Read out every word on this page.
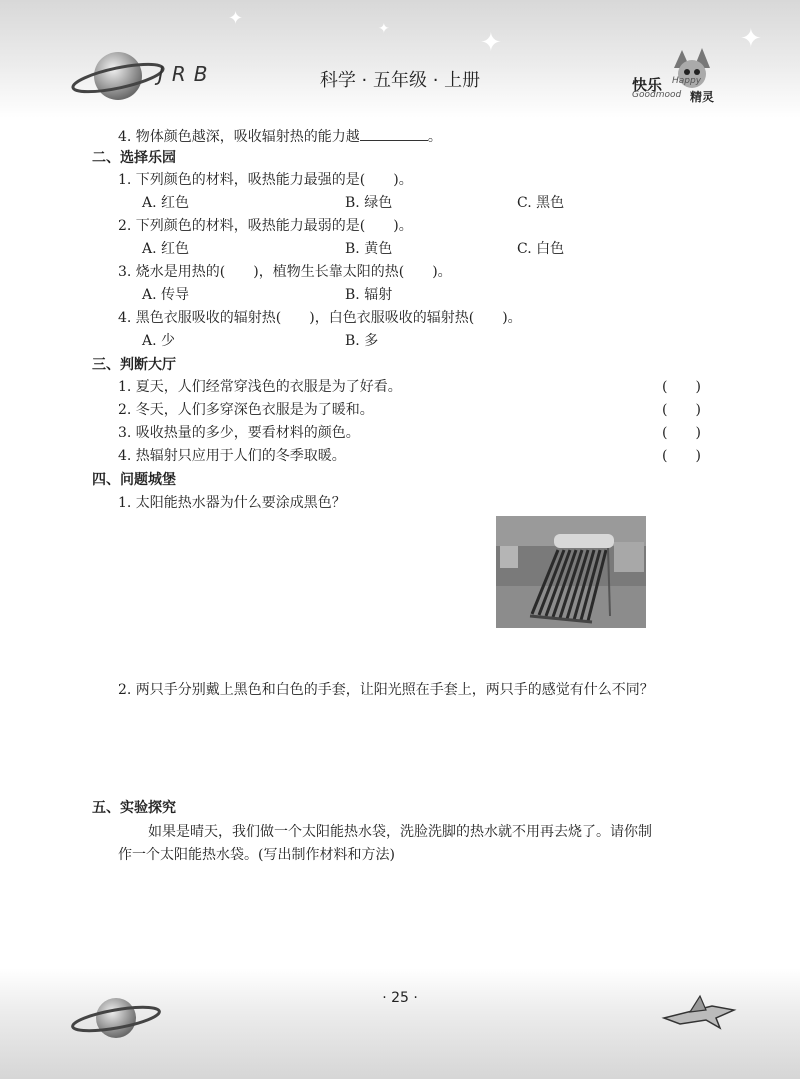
JRB	科学 · 五年级 · 上册
✦	✦	✦	✦
快乐 Happy
Goodmood 精灵
4. 物体颜色越深，吸收辐射热的能力越	。
二、选择乐园
1. 下列颜色的材料，吸热能力最强的是(　　)。
A. 红色	B. 绿色	C. 黑色
2. 下列颜色的材料，吸热能力最弱的是(　　)。
A. 红色	B. 黄色	C. 白色
3. 烧水是用热的(　　)，植物生长靠太阳的热(　　)。
A. 传导	B. 辐射
4. 黑色衣服吸收的辐射热(　　)，白色衣服吸收的辐射热(　　)。
A. 少	B. 多
三、判断大厅
1. 夏天，人们经常穿浅色的衣服是为了好看。	(　　)
2. 冬天，人们多穿深色衣服是为了暖和。	(　　)
3. 吸收热量的多少，要看材料的颜色。	(　　)
4. 热辐射只应用于人们的冬季取暖。	(　　)
四、问题城堡
1. 太阳能热水器为什么要涂成黑色？
2. 两只手分别戴上黑色和白色的手套，让阳光照在手套上，两只手的感觉有什么不同？
五、实验探究
如果是晴天，我们做一个太阳能热水袋，洗脸洗脚的热水就不用再去烧了。请你制
作一个太阳能热水袋。(写出制作材料和方法)
· 25 ·
